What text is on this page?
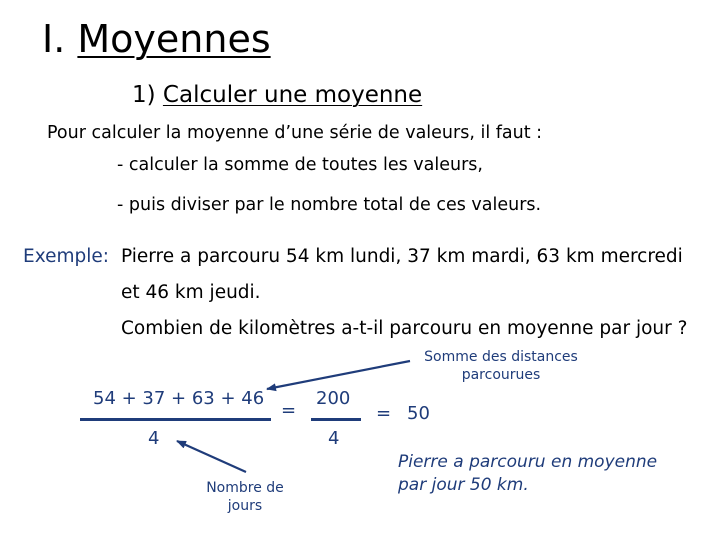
I. Moyennes
1) Calculer une moyenne
Pour calculer la moyenne d’une série de valeurs, il faut :
- calculer la somme de toutes les valeurs,
- puis diviser par le nombre total de ces valeurs.
Exemple: Pierre a parcouru 54 km lundi, 37 km mardi, 63 km mercredi
et 46 km jeudi.
Combien de kilomètres a-t-il parcouru en moyenne par jour ?
Somme des distances
parcourues
54 + 37 + 63 + 46
4
=
200
4
= 50
Nombre de
jours
Pierre a parcouru en moyenne
par jour 50 km.
